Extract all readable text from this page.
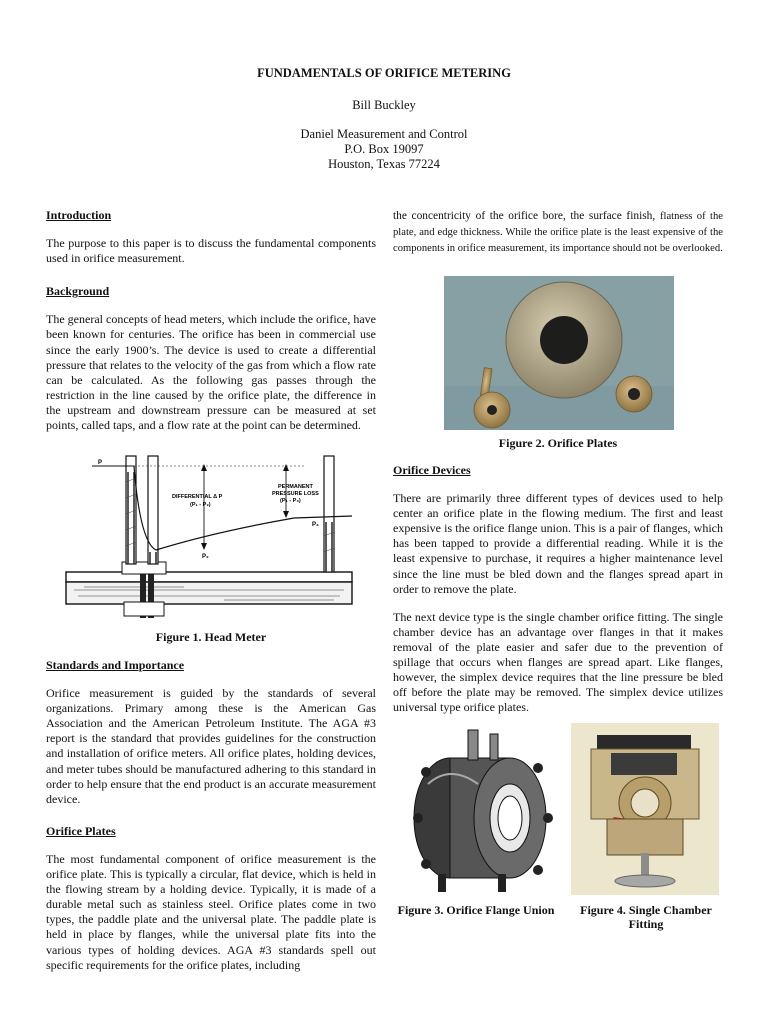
FUNDAMENTALS OF ORIFICE METERING
Bill Buckley
Daniel Measurement and Control
P.O. Box 19097
Houston, Texas 77224
Introduction
The purpose to this paper is to discuss the fundamental components used in orifice measurement.
Background
The general concepts of head meters, which include the orifice, have been known for centuries. The orifice has been in commercial use since the early 1900’s. The device is used to create a differential pressure that relates to the velocity of the gas from which a flow rate can be calculated. As the following gas passes through the restriction in the line caused by the orifice plate, the difference in the upstream and downstream pressure can be measured at set points, called taps, and a flow rate at the point can be determined.
P
DIFFERENTIAL Δ P
(P₁ - P₂)
PERMANENT
PRESSURE LOSS
(P₁ - P₃)
P₃
P₂
Figure 1. Head Meter
Standards and Importance
Orifice measurement is guided by the standards of several organizations. Primary among these is the American Gas Association and the American Petroleum Institute. The AGA #3 report is the standard that provides guidelines for the construction and installation of orifice meters. All orifice plates, holding devices, and meter tubes should be manufactured adhering to this standard in order to help ensure that the end product is an accurate measurement device.
Orifice Plates
The most fundamental component of orifice measurement is the orifice plate. This is typically a circular, flat device, which is held in the flowing stream by a holding device. Typically, it is made of a durable metal such as stainless steel. Orifice plates come in two types, the paddle plate and the universal plate. The paddle plate is held in place by flanges, while the universal plate fits into the various types of holding devices. AGA #3 standards spell out specific requirements for the orifice plates, including
the concentricity of the orifice bore, the surface finish, flatness of the plate, and edge thickness. While the orifice plate is the least expensive of the components in orifice measurement, its importance should not be overlooked.
Figure 2. Orifice Plates
Orifice Devices
There are primarily three different types of devices used to help center an orifice plate in the flowing medium. The first and least expensive is the orifice flange union. This is a pair of flanges, which has been tapped to provide a differential reading. While it is the least expensive to purchase, it requires a higher maintenance level since the line must be bled down and the flanges spread apart in order to remove the plate.
The next device type is the single chamber orifice fitting. The single chamber device has an advantage over flanges in that it makes removal of the plate easier and safer due to the prevention of spillage that occurs when flanges are spread apart. Like flanges, however, the simplex device requires that the line pressure be bled off before the plate may be removed. The simplex device utilizes universal type orifice plates.
Figure 3. Orifice Flange Union	Figure 4. Single Chamber
Fitting
